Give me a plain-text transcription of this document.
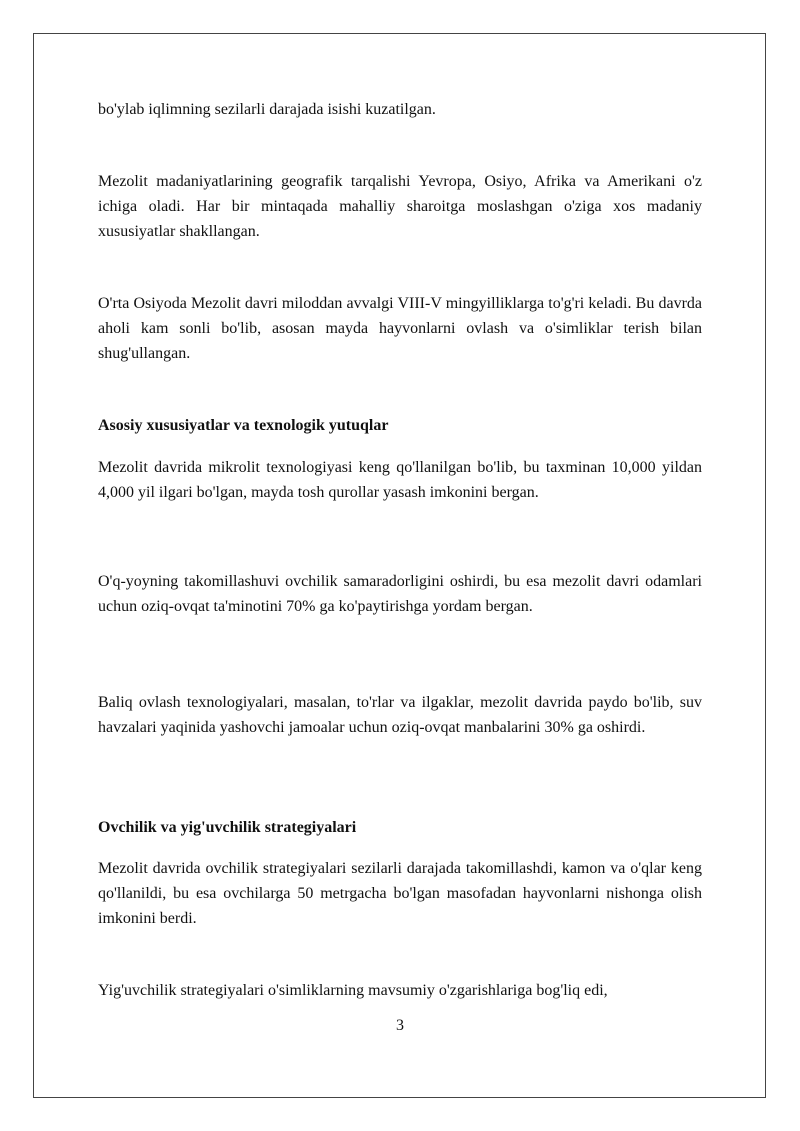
bo'ylab iqlimning sezilarli darajada isishi kuzatilgan.

Mezolit madaniyatlarining geografik tarqalishi Yevropa, Osiyo, Afrika va Amerikani o'z ichiga oladi. Har bir mintaqada mahalliy sharoitga moslashgan o'ziga xos madaniy xususiyatlar shakllangan.

O'rta Osiyoda Mezolit davri miloddan avvalgi VIII-V mingyilliklarga to'g'ri keladi. Bu davrda aholi kam sonli bo'lib, asosan mayda hayvonlarni ovlash va o'simliklar terish bilan shug'ullangan.

Asosiy xususiyatlar va texnologik yutuqlar

Mezolit davrida mikrolit texnologiyasi keng qo'llanilgan bo'lib, bu taxminan 10,000 yildan 4,000 yil ilgari bo'lgan, mayda tosh qurollar yasash imkonini bergan.

O'q-yoyning takomillashuvi ovchilik samaradorligini oshirdi, bu esa mezolit davri odamlari uchun oziq-ovqat ta'minotini 70% ga ko'paytirishga yordam bergan.

Baliq ovlash texnologiyalari, masalan, to'rlar va ilgaklar, mezolit davrida paydo bo'lib, suv havzalari yaqinida yashovchi jamoalar uchun oziq-ovqat manbalarini 30% ga oshirdi.

Ovchilik va yig'uvchilik strategiyalari

Mezolit davrida ovchilik strategiyalari sezilarli darajada takomillashdi, kamon va o'qlar keng qo'llanildi, bu esa ovchilarga 50 metrgacha bo'lgan masofadan hayvonlarni nishonga olish imkonini berdi.

Yig'uvchilik strategiyalari o'simliklarning mavsumiy o'zgarishlariga bog'liq edi,

3
